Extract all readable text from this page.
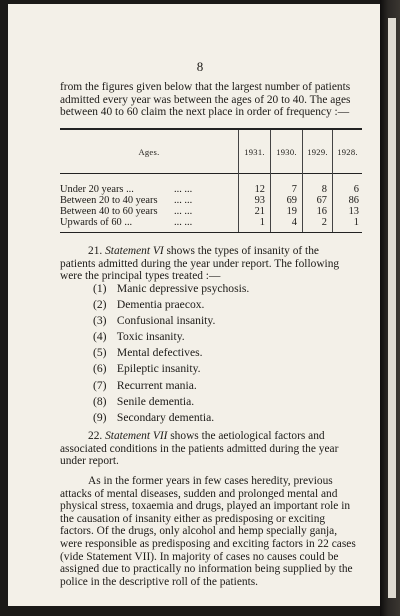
8

from the figures given below that the largest number of patients
admitted every year was between the ages of 20 to 40. The ages
between 40 to 60 claim the next place in order of frequency :—

Ages.	1931.	1930.	1929.	1928.
Under 20 years ...	... ...	12	7	8	6
Between 20 to 40 years ... ...	93	69	67	86
Between 40 to 60 years ... ...	21	19	16	13
Upwards of 60 ...	... ...	1	4	2	1

21. Statement VI shows the types of insanity of the
patients admitted during the year under report. The following
were the principal types treated :—

(1) Manic depressive psychosis.
(2) Dementia praecox.
(3) Confusional insanity.
(4) Toxic insanity.
(5) Mental defectives.
(6) Epileptic insanity.
(7) Recurrent mania.
(8) Senile dementia.
(9) Secondary dementia.

22. Statement VII shows the aetiological factors and
associated conditions in the patients admitted during the year
under report.

As in the former years in few cases heredity, previous
attacks of mental diseases, sudden and prolonged mental and
physical stress, toxaemia and drugs, played an important role in
the causation of insanity either as predisposing or exciting
factors. Of the drugs, only alcohol and hemp specially ganja,
were responsible as predisposing and exciting factors in 22 cases
(vide Statement VII). In majority of cases no causes could be
assigned due to practically no information being supplied by the
police in the descriptive roll of the patients.
